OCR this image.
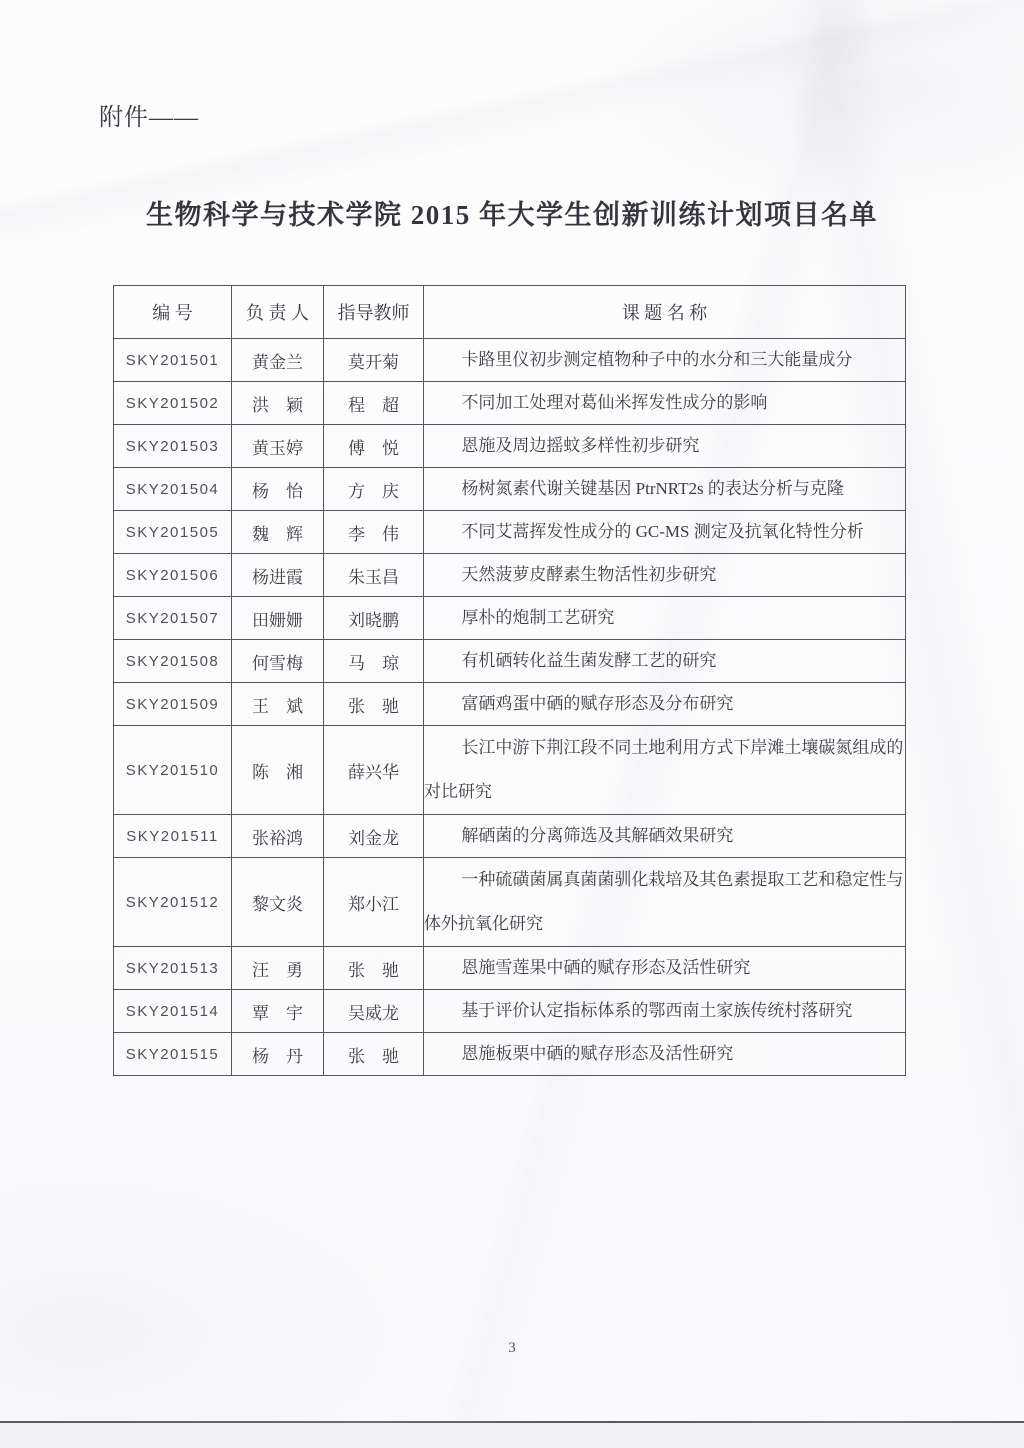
附件——
生物科学与技术学院 2015 年大学生创新训练计划项目名单
编 号	负 责 人	指导教师	课 题 名 称
SKY201501	黄金兰	莫开菊	卡路里仪初步测定植物种子中的水分和三大能量成分
SKY201502	洪　颖	程　超	不同加工处理对葛仙米挥发性成分的影响
SKY201503	黄玉婷	傅　悦	恩施及周边摇蚊多样性初步研究
SKY201504	杨　怡	方　庆	杨树氮素代谢关键基因 PtrNRT2s 的表达分析与克隆
SKY201505	魏　辉	李　伟	不同艾蒿挥发性成分的 GC-MS 测定及抗氧化特性分析
SKY201506	杨进霞	朱玉昌	天然菠萝皮酵素生物活性初步研究
SKY201507	田姗姗	刘晓鹏	厚朴的炮制工艺研究
SKY201508	何雪梅	马　琼	有机硒转化益生菌发酵工艺的研究
SKY201509	王　斌	张　驰	富硒鸡蛋中硒的赋存形态及分布研究
SKY201510	陈　湘	薛兴华	长江中游下荆江段不同土地利用方式下岸滩土壤碳氮组成的对比研究
SKY201511	张裕鸿	刘金龙	解硒菌的分离筛选及其解硒效果研究
SKY201512	黎文炎	郑小江	一种硫磺菌属真菌菌驯化栽培及其色素提取工艺和稳定性与体外抗氧化研究
SKY201513	汪　勇	张　驰	恩施雪莲果中硒的赋存形态及活性研究
SKY201514	覃　宇	吴威龙	基于评价认定指标体系的鄂西南土家族传统村落研究
SKY201515	杨　丹	张　驰	恩施板栗中硒的赋存形态及活性研究
3
